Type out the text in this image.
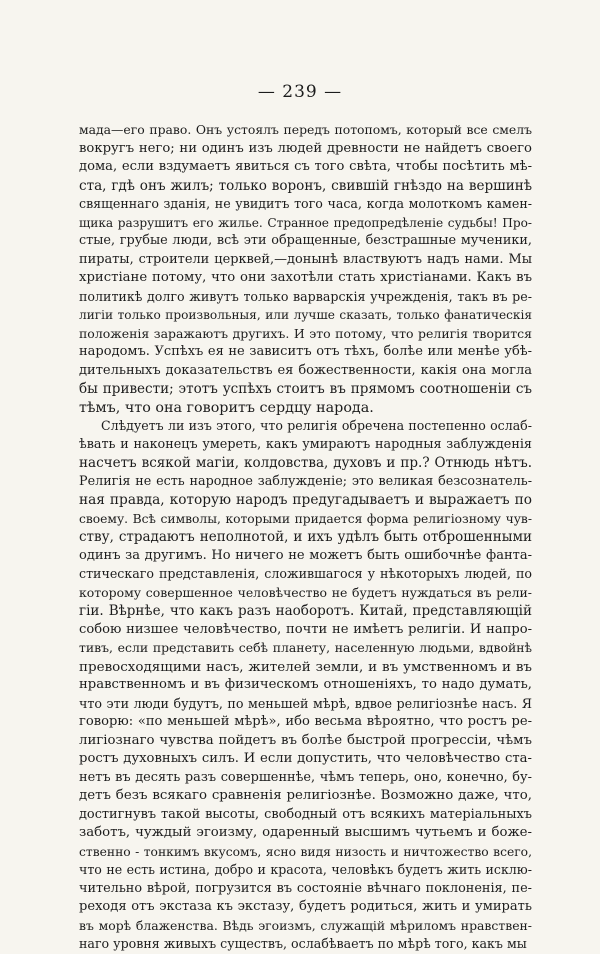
— 239 —
мада—его право. Онъ устоялъ передъ потопомъ, который все смелъ
вокругъ него; ни одинъ изъ людей древности не найдетъ своего
дома, если вздумаетъ явиться съ того свѣта, чтобы посѣтить мѣ-
ста, гдѣ онъ жилъ; только воронъ, свившій гнѣздо на вершинѣ
священнаго зданія, не увидитъ того часа, когда молоткомъ камен-
щика разрушитъ его жилье. Странное предопредѣленіе судьбы! Про-
стые, грубые люди, всѣ эти обращенные, безстрашные мученики,
пираты, строители церквей,—донынѣ властвуютъ надъ нами. Мы
христіане потому, что они захотѣли стать христіанами. Какъ въ
политикѣ долго живутъ только варварскія учрежденія, такъ въ ре-
лигіи только произвольныя, или лучше сказать, только фанатическія
положенія заражаютъ другихъ. И это потому, что религія творится
народомъ. Успѣхъ ея не зависитъ отъ тѣхъ, болѣе или менѣе убѣ-
дительныхъ доказательствъ ея божественности, какія она могла
бы привести; этотъ успѣхъ стоитъ въ прямомъ соотношеніи съ
тѣмъ, что она говоритъ сердцу народа.
Слѣдуетъ ли изъ этого, что религія обречена постепенно ослаб-
ѣвать и наконецъ умереть, какъ умираютъ народныя заблужденія
насчетъ всякой магіи, колдовства, духовъ и пр.? Отнюдь нѣтъ.
Религія не есть народное заблужденіе; это великая безсознатель-
ная правда, которую народъ предугадываетъ и выражаетъ по
своему. Всѣ символы, которыми придается форма религіозному чув-
ству, страдаютъ неполнотой, и ихъ удѣлъ быть отброшенными
одинъ за другимъ. Но ничего не можетъ быть ошибочнѣе фанта-
стическаго представленія, сложившагося у нѣкоторыхъ людей, по
которому совершенное человѣчество не будетъ нуждаться въ рели-
гіи. Вѣрнѣе, что какъ разъ наоборотъ. Китай, представляющій
собою низшее человѣчество, почти не имѣетъ религіи. И напро-
тивъ, если представить себѣ планету, населенную людьми, вдвойнѣ
превосходящими насъ, жителей земли, и въ умственномъ и въ
нравственномъ и въ физическомъ отношеніяхъ, то надо думать,
что эти люди будутъ, по меньшей мѣрѣ, вдвое религіознѣе насъ. Я
говорю: «по меньшей мѣрѣ», ибо весьма вѣроятно, что ростъ ре-
лигіознаго чувства пойдетъ въ болѣе быстрой прогрессіи, чѣмъ
ростъ духовныхъ силъ. И если допустить, что человѣчество ста-
нетъ въ десять разъ совершеннѣе, чѣмъ теперь, оно, конечно, бу-
детъ безъ всякаго сравненія религіознѣе. Возможно даже, что,
достигнувъ такой высоты, свободный отъ всякихъ матеріальныхъ
заботъ, чуждый эгоизму, одаренный высшимъ чутьемъ и боже-
ственно - тонкимъ вкусомъ, ясно видя низость и ничтожество всего,
что не есть истина, добро и красота, человѣкъ будетъ жить исклю-
чительно вѣрой, погрузится въ состояніе вѣчнаго поклоненія, пе-
реходя отъ экстаза къ экстазу, будетъ родиться, жить и умирать
въ морѣ блаженства. Вѣдь эгоизмъ, служащій мѣриломъ нравствен-
наго уровня живыхъ существъ, ослабѣваетъ по мѣрѣ того, какъ мы
